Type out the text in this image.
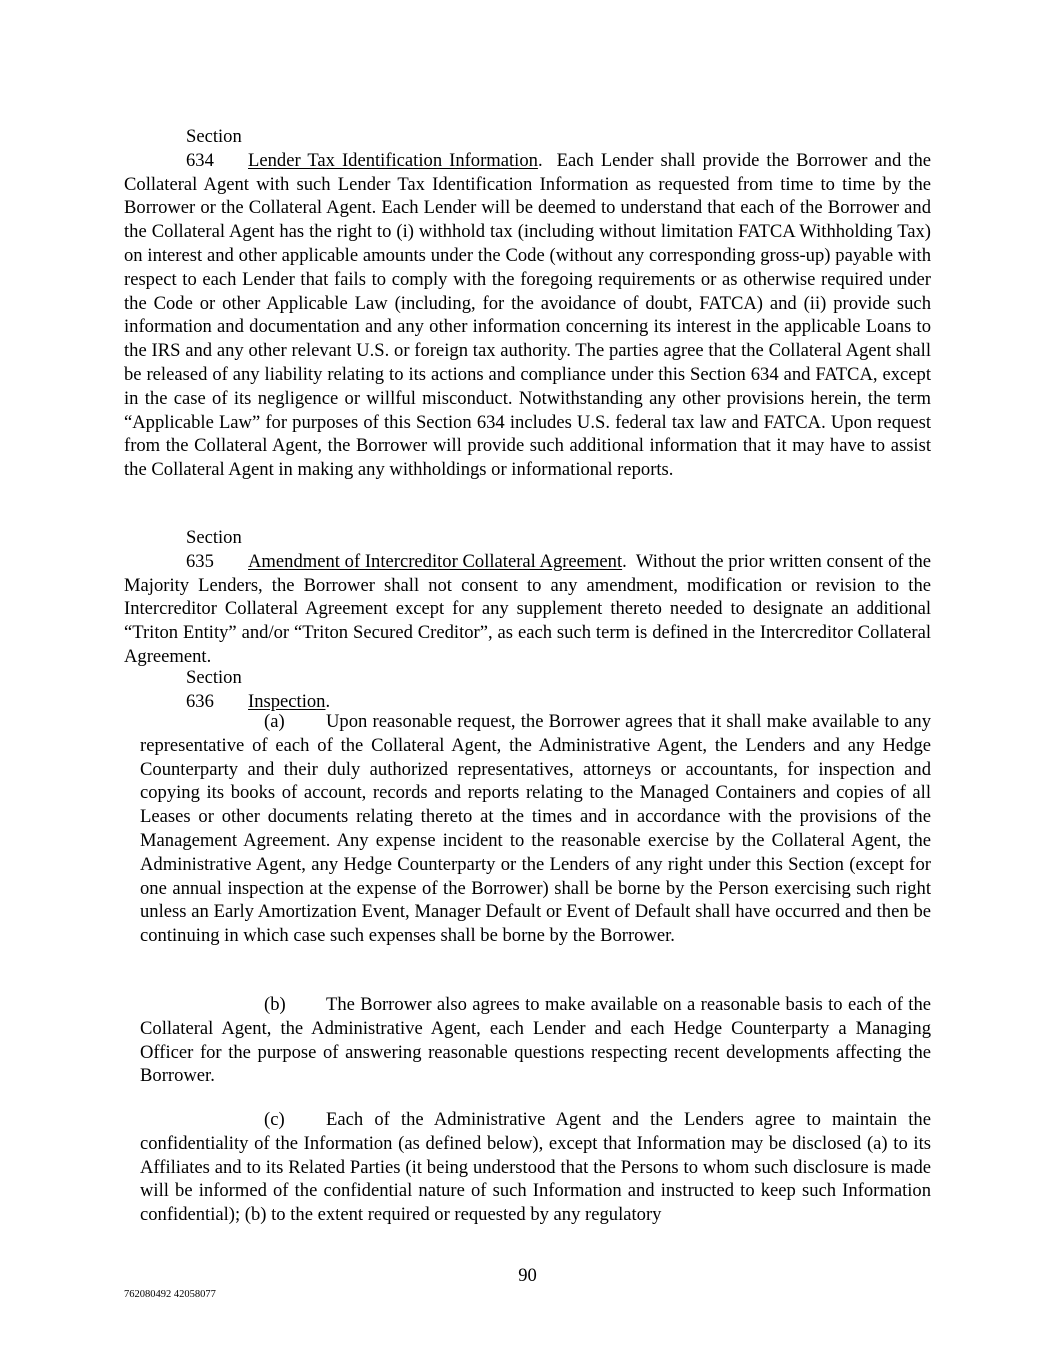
Section 634 Lender Tax Identification Information.  Each Lender shall provide the Borrower and the Collateral Agent with such Lender Tax Identification Information as requested from time to time by the Borrower or the Collateral Agent. Each Lender will be deemed to understand that each of the Borrower and the Collateral Agent has the right to (i) withhold tax (including without limitation FATCA Withholding Tax) on interest and other applicable amounts under the Code (without any corresponding gross-up) payable with respect to each Lender that fails to comply with the foregoing requirements or as otherwise required under the Code or other Applicable Law (including, for the avoidance of doubt, FATCA) and (ii) provide such information and documentation and any other information concerning its interest in the applicable Loans to the IRS and any other relevant U.S. or foreign tax authority. The parties agree that the Collateral Agent shall be released of any liability relating to its actions and compliance under this Section 634 and FATCA, except in the case of its negligence or willful misconduct. Notwithstanding any other provisions herein, the term “Applicable Law” for purposes of this Section 634 includes U.S. federal tax law and FATCA. Upon request from the Collateral Agent, the Borrower will provide such additional information that it may have to assist the Collateral Agent in making any withholdings or informational reports.

Section 635 Amendment of Intercreditor Collateral Agreement.  Without the prior written consent of the Majority Lenders, the Borrower shall not consent to any amendment, modification or revision to the Intercreditor Collateral Agreement except for any supplement thereto needed to designate an additional “Triton Entity” and/or “Triton Secured Creditor”, as each such term is defined in the Intercreditor Collateral Agreement.

Section 636 Inspection.

(a) Upon reasonable request, the Borrower agrees that it shall make available to any representative of each of the Collateral Agent, the Administrative Agent, the Lenders and any Hedge Counterparty and their duly authorized representatives, attorneys or accountants, for inspection and copying its books of account, records and reports relating to the Managed Containers and copies of all Leases or other documents relating thereto at the times and in accordance with the provisions of the Management Agreement. Any expense incident to the reasonable exercise by the Collateral Agent, the Administrative Agent, any Hedge Counterparty or the Lenders of any right under this Section (except for one annual inspection at the expense of the Borrower) shall be borne by the Person exercising such right unless an Early Amortization Event, Manager Default or Event of Default shall have occurred and then be continuing in which case such expenses shall be borne by the Borrower.

(b) The Borrower also agrees to make available on a reasonable basis to each of the Collateral Agent, the Administrative Agent, each Lender and each Hedge Counterparty a Managing Officer for the purpose of answering reasonable questions respecting recent developments affecting the Borrower.

(c) Each of the Administrative Agent and the Lenders agree to maintain the confidentiality of the Information (as defined below), except that Information may be disclosed (a) to its Affiliates and to its Related Parties (it being understood that the Persons to whom such disclosure is made will be informed of the confidential nature of such Information and instructed to keep such Information confidential); (b) to the extent required or requested by any regulatory

90
762080492 42058077
